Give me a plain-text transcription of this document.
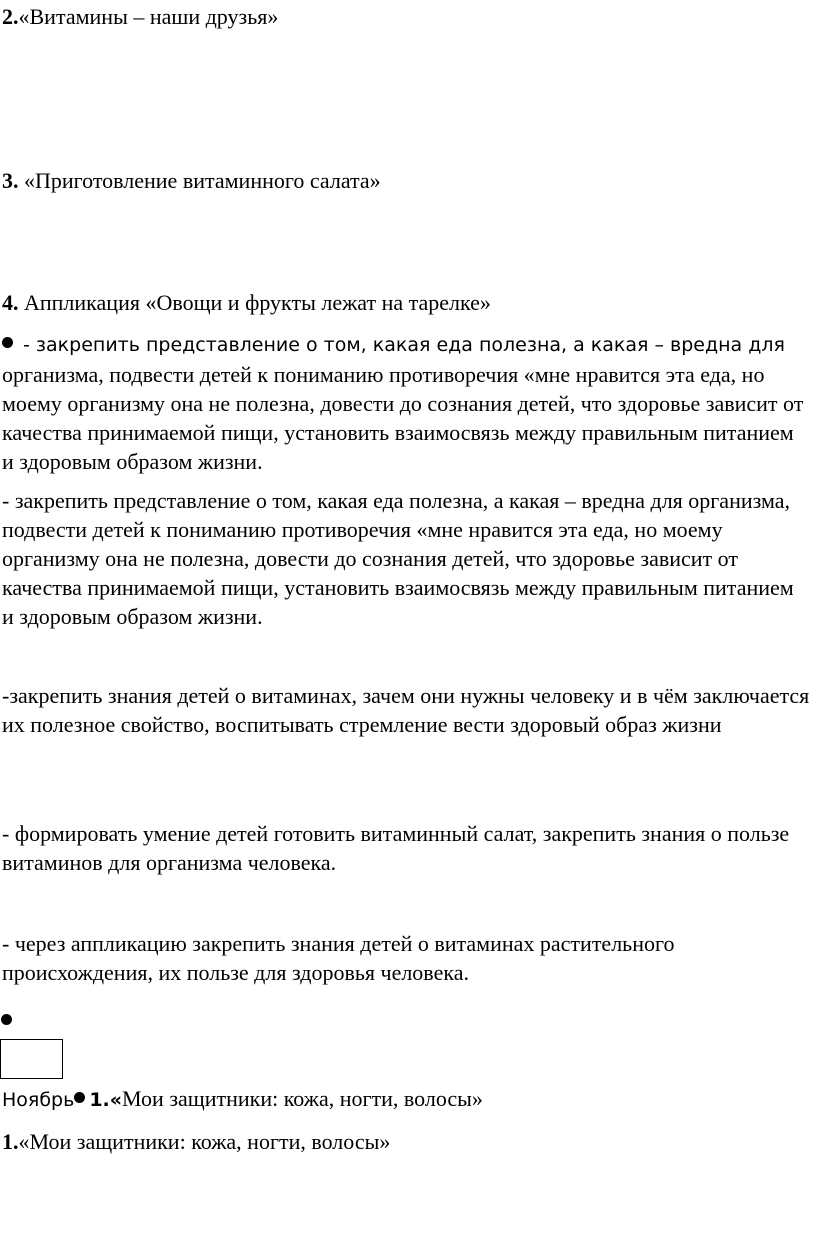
2.«Витамины – наши друзья»

3. «Приготовление витаминного салата»

4. Аппликация «Овощи и фрукты лежат на тарелке»

- закрепить представление о том, какая еда полезна, а какая – вредна для
организма, подвести детей к пониманию противоречия «мне нравится эта еда, но моему организму она не полезна, довести до сознания детей, что здоровье зависит от качества принимаемой пищи, установить взаимосвязь между правильным питанием и здоровым образом жизни.

- закрепить представление о том, какая еда полезна, а какая – вредна для организма, подвести детей к пониманию противоречия «мне нравится эта еда, но моему организму она не полезна, довести до сознания детей, что здоровье зависит от качества принимаемой пищи, установить взаимосвязь между правильным питанием и здоровым образом жизни.

-закрепить знания детей о витаминах, зачем они нужны человеку и в чём заключается их полезное свойство, воспитывать стремление вести здоровый образ жизни

- формировать умение детей готовить витаминный салат, закрепить знания о пользе витаминов для организма человека.

- через аппликацию закрепить знания детей о витаминах растительного происхождения, их пользе для здоровья человека.

Ноябрь 1.«Мои защитники: кожа, ногти, волосы»

1.«Мои защитники: кожа, ногти, волосы»
